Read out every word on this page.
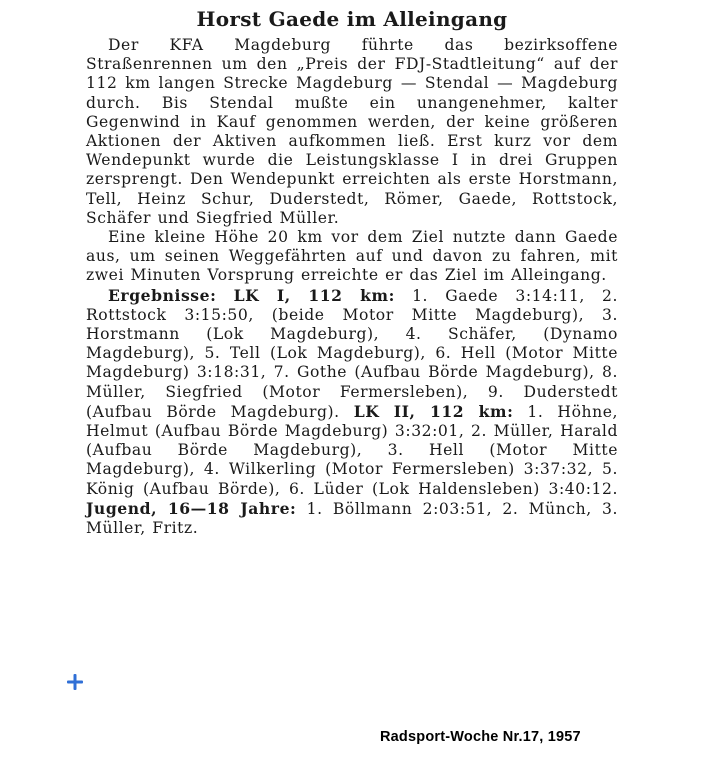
Horst Gaede im Alleingang

Der KFA Magdeburg führte das bezirksoffene Straßenrennen um den „Preis der FDJ-Stadtleitung“ auf der 112 km langen Strecke Magdeburg — Stendal — Magdeburg durch. Bis Stendal mußte ein unangenehmer, kalter Gegenwind in Kauf genommen werden, der keine größeren Aktionen der Aktiven aufkommen ließ. Erst kurz vor dem Wendepunkt wurde die Leistungsklasse I in drei Gruppen zersprengt. Den Wendepunkt erreichten als erste Horstmann, Tell, Heinz Schur, Duderstedt, Römer, Gaede, Rottstock, Schäfer und Siegfried Müller.

Eine kleine Höhe 20 km vor dem Ziel nutzte dann Gaede aus, um seinen Weggefährten auf und davon zu fahren, mit zwei Minuten Vorsprung erreichte er das Ziel im Alleingang.

Ergebnisse: LK I, 112 km: 1. Gaede 3:14:11, 2. Rottstock 3:15:50, (beide Motor Mitte Magdeburg), 3. Horstmann (Lok Magdeburg), 4. Schäfer, (Dynamo Magdeburg), 5. Tell (Lok Magdeburg), 6. Hell (Motor Mitte Magdeburg) 3:18:31, 7. Gothe (Aufbau Börde Magdeburg), 8. Müller, Siegfried (Motor Fermersleben), 9. Duderstedt (Aufbau Börde Magdeburg). LK II, 112 km: 1. Höhne, Helmut (Aufbau Börde Magdeburg) 3:32:01, 2. Müller, Harald (Aufbau Börde Magdeburg), 3. Hell (Motor Mitte Magdeburg), 4. Wilkerling (Motor Fermersleben) 3:37:32, 5. König (Aufbau Börde), 6. Lüder (Lok Haldensleben) 3:40:12. Jugend, 16—18 Jahre: 1. Böllmann 2:03:51, 2. Münch, 3. Müller, Fritz.

Radsport-Woche Nr.17, 1957
